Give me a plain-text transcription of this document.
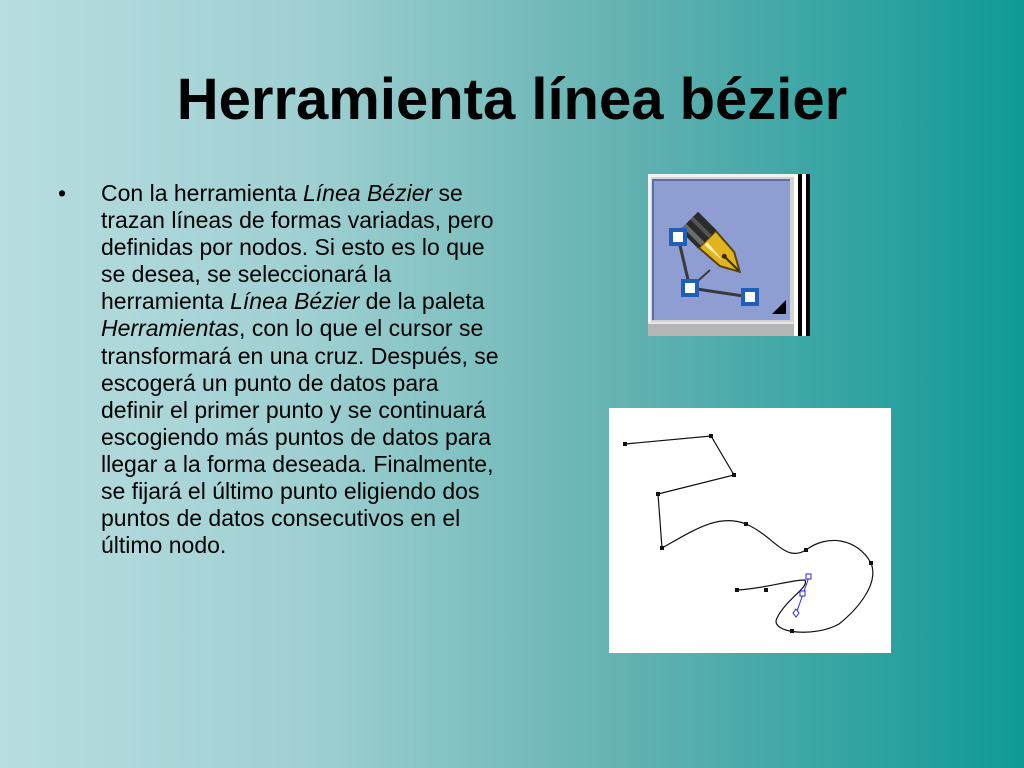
Herramienta línea bézier
• Con la herramienta Línea Bézier se trazan líneas de formas variadas, pero definidas por nodos. Si esto es lo que se desea, se seleccionará la herramienta Línea Bézier de la paleta Herramientas, con lo que el cursor se transformará en una cruz. Después, se escogerá un punto de datos para definir el primer punto y se continuará escogiendo más puntos de datos para llegar a la forma deseada. Finalmente, se fijará el último punto eligiendo dos puntos de datos consecutivos en el último nodo.
